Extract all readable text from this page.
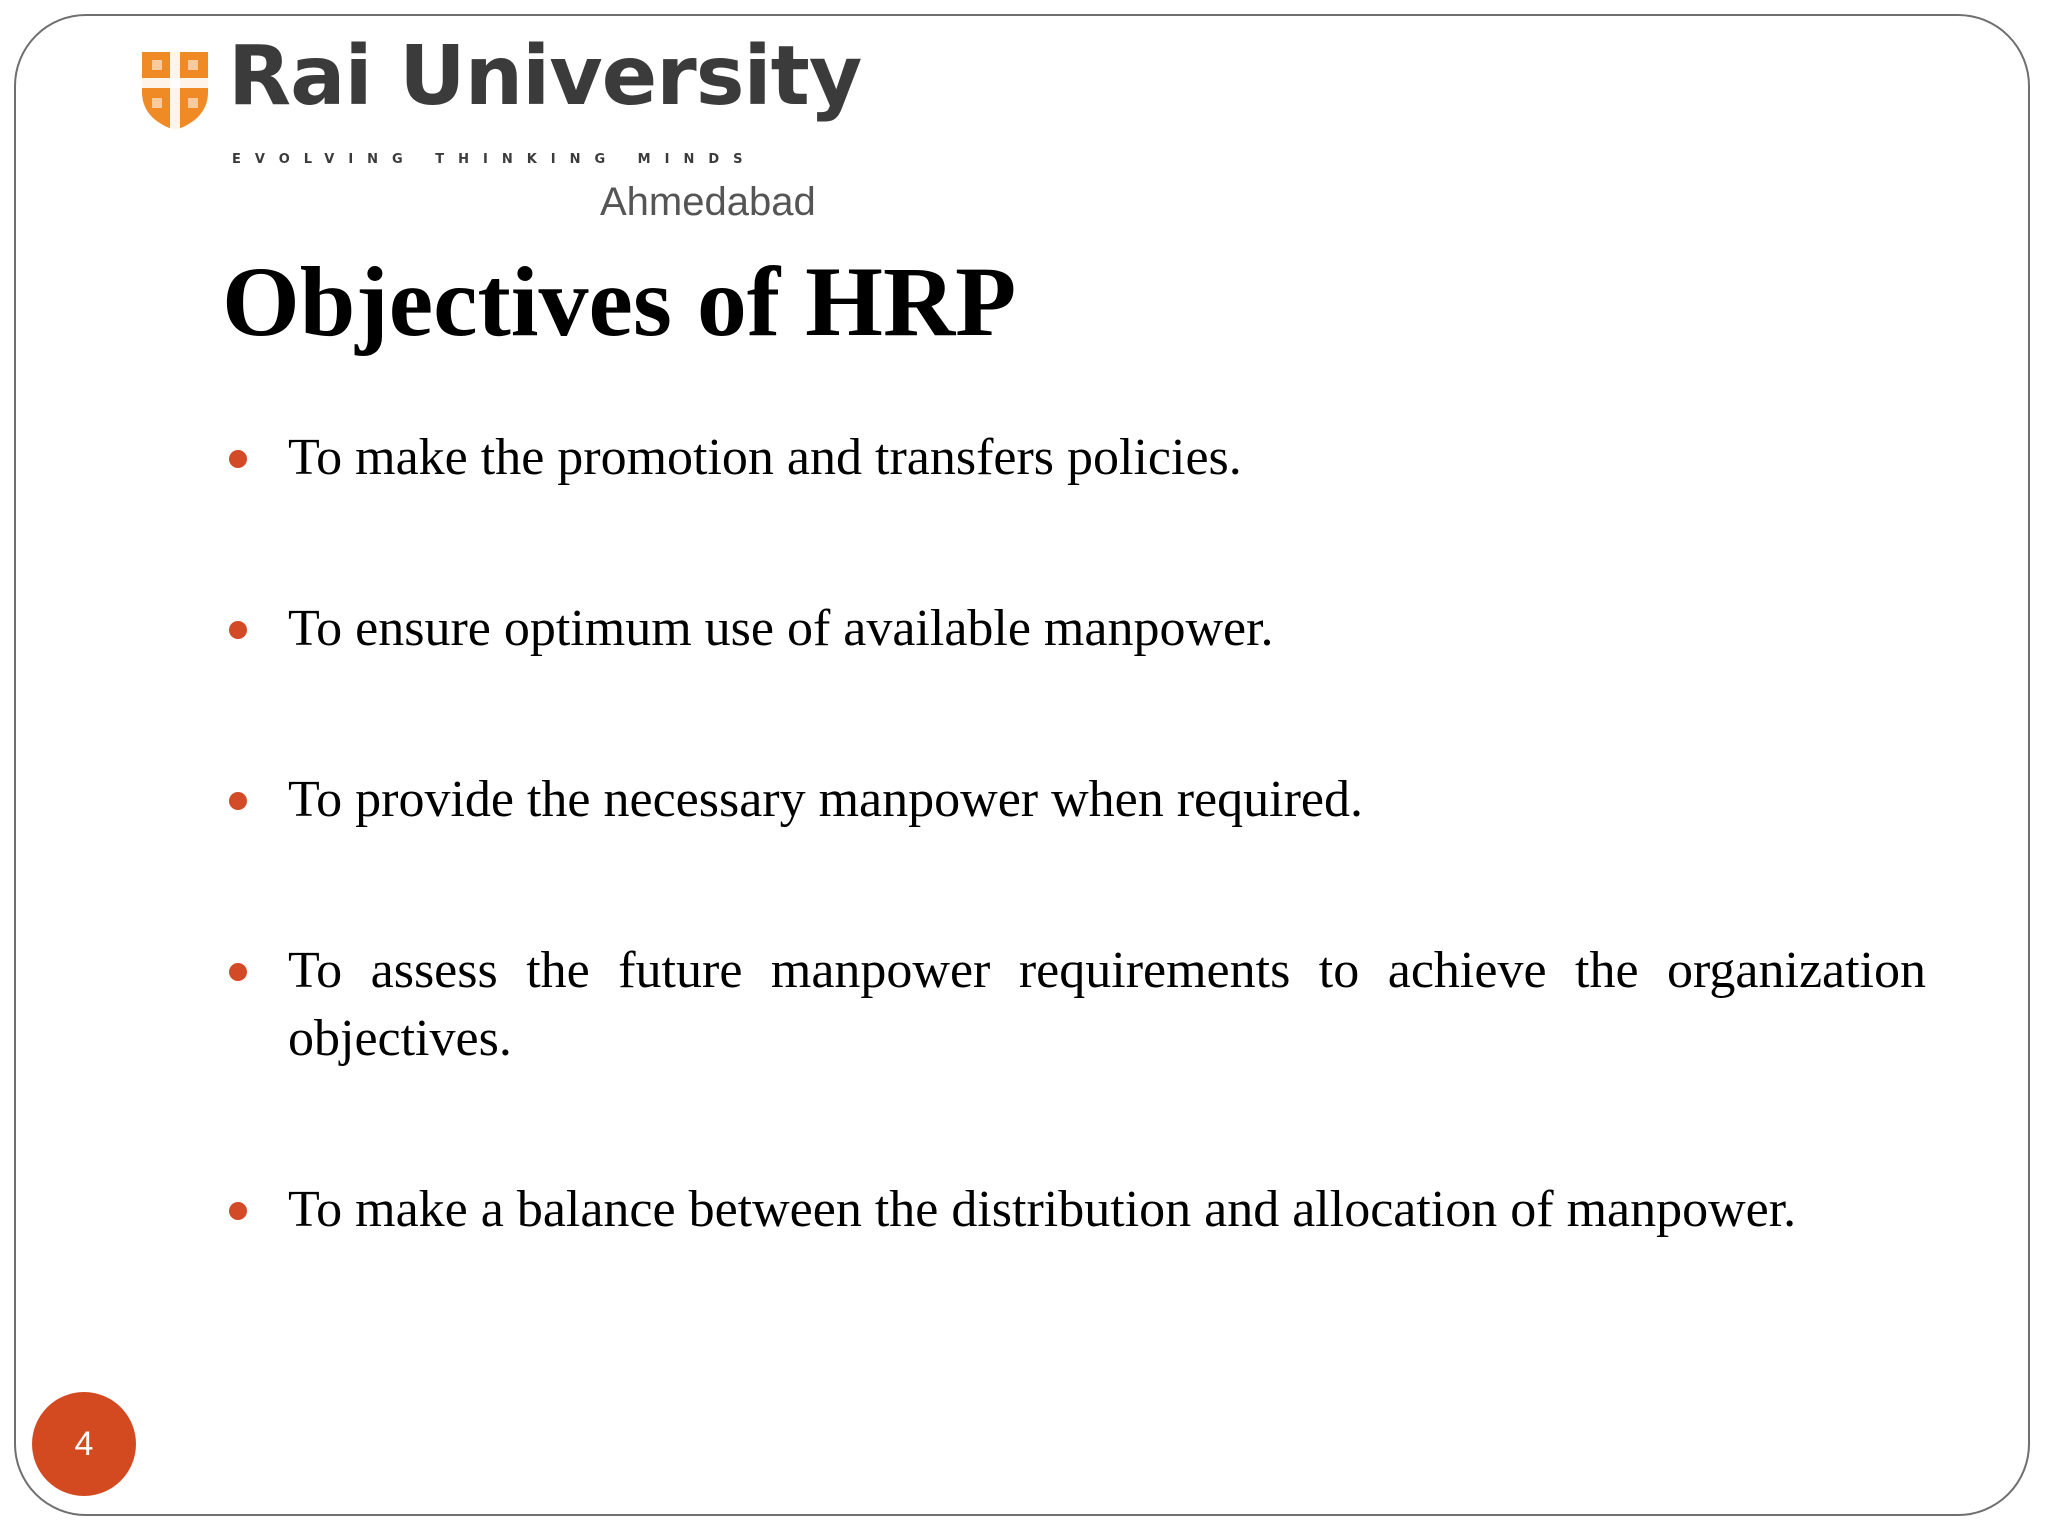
Rai University
EVOLVING THINKING MINDS
Ahmedabad
Objectives of HRP
To make the promotion and transfers policies.
To ensure optimum use of available manpower.
To provide the necessary manpower when required.
To assess the future manpower requirements to achieve the organization objectives.
To make a balance between the distribution and allocation of manpower.
4
